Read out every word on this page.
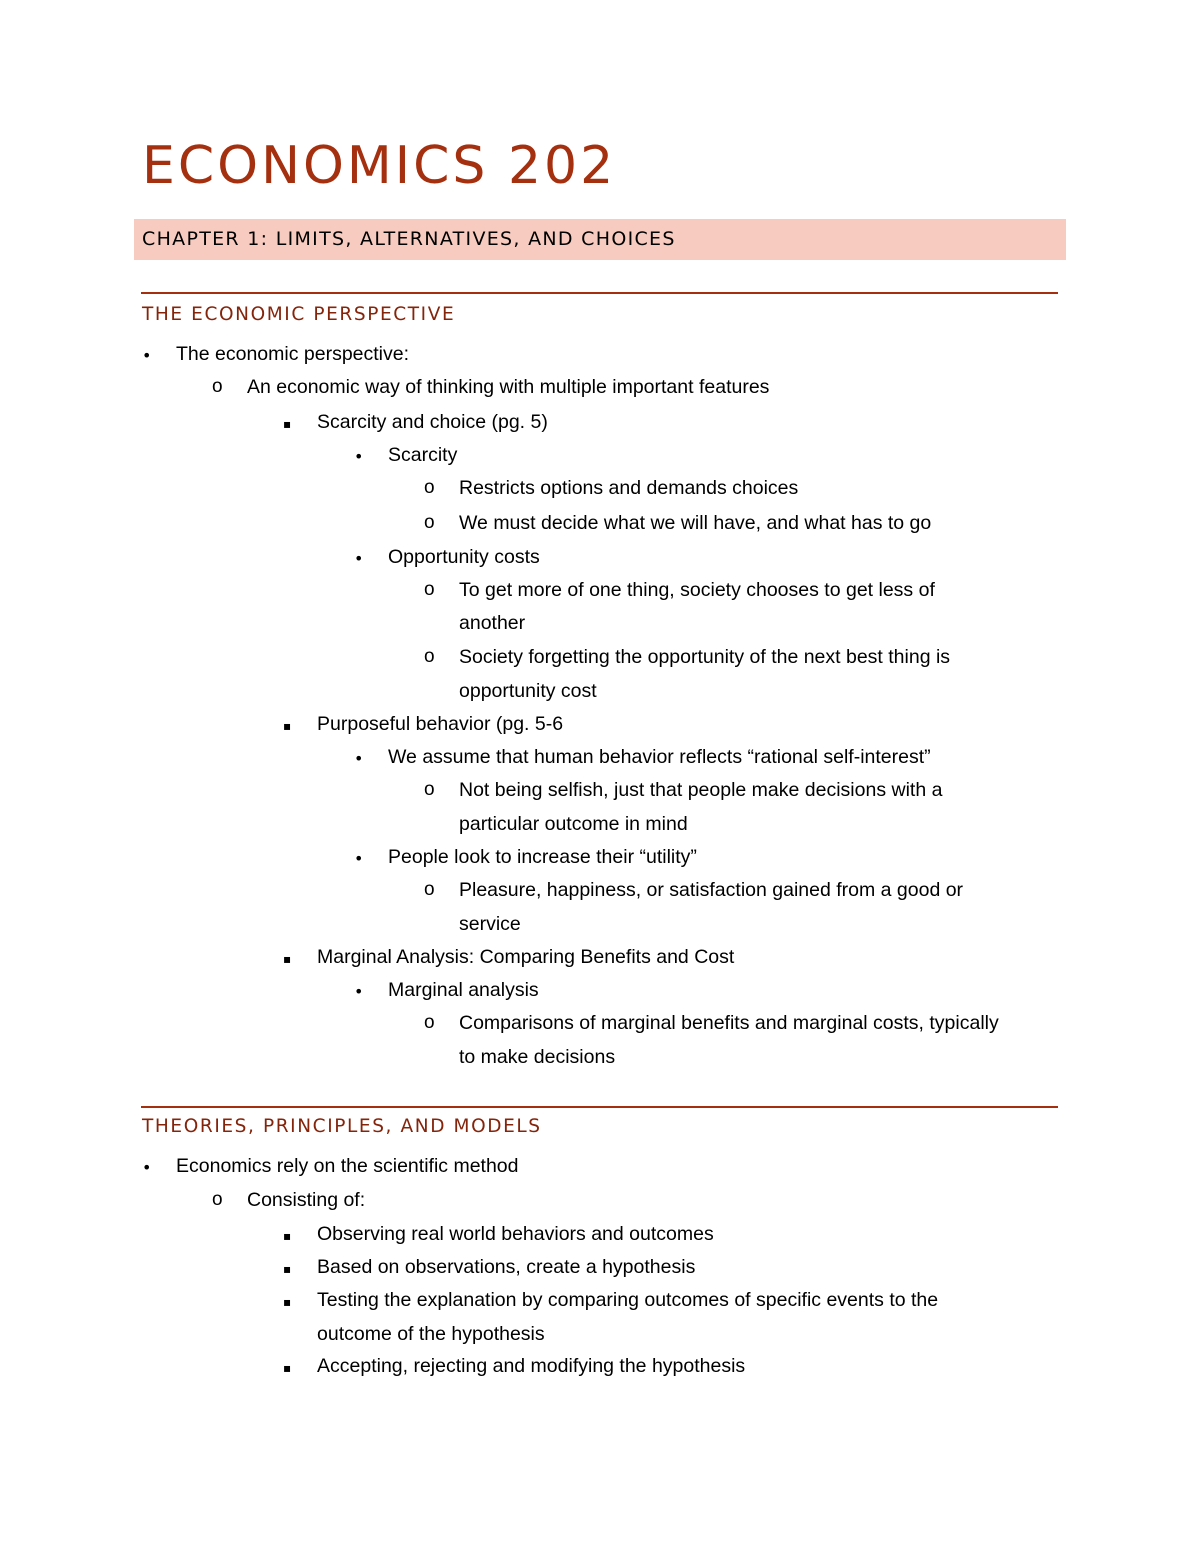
ECONOMICS 202
CHAPTER 1: LIMITS, ALTERNATIVES, AND CHOICES
THE ECONOMIC PERSPECTIVE
• The economic perspective:
o An economic way of thinking with multiple important features
▪ Scarcity and choice (pg. 5)
• Scarcity
o Restricts options and demands choices
o We must decide what we will have, and what has to go
• Opportunity costs
o To get more of one thing, society chooses to get less of
another
o Society forgetting the opportunity of the next best thing is
opportunity cost
▪ Purposeful behavior (pg. 5-6
• We assume that human behavior reflects “rational self-interest”
o Not being selfish, just that people make decisions with a
particular outcome in mind
• People look to increase their “utility”
o Pleasure, happiness, or satisfaction gained from a good or
service
▪ Marginal Analysis: Comparing Benefits and Cost
• Marginal analysis
o Comparisons of marginal benefits and marginal costs, typically
to make decisions
THEORIES, PRINCIPLES, AND MODELS
• Economics rely on the scientific method
o Consisting of:
▪ Observing real world behaviors and outcomes
▪ Based on observations, create a hypothesis
▪ Testing the explanation by comparing outcomes of specific events to the
outcome of the hypothesis
▪ Accepting, rejecting and modifying the hypothesis
